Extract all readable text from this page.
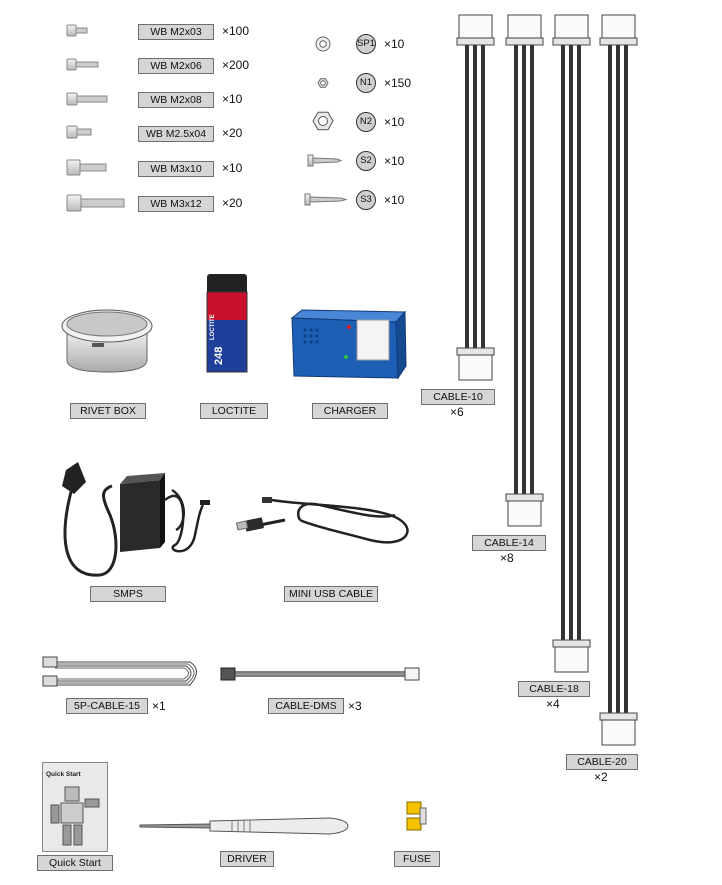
248
LOCTITE
WB M2x03	×100
WB M2x06	×200
WB M2x08	×10
WB M2.5x04	×20
WB M3x10	×10
WB M3x12	×20
SP1 ×10
N1 ×150
N2 ×10
S2	×10
S3	×10
RIVET BOX	LOCTITE	CHARGER
SMPS	MINI USB CABLE
5P-CABLE-15	×1	CABLE-DMS ×3
Quick Start
Quick Start	DRIVER	FUSE
CABLE-10
×6
CABLE-14
×8
CABLE-18
×4
CABLE-20
×2
